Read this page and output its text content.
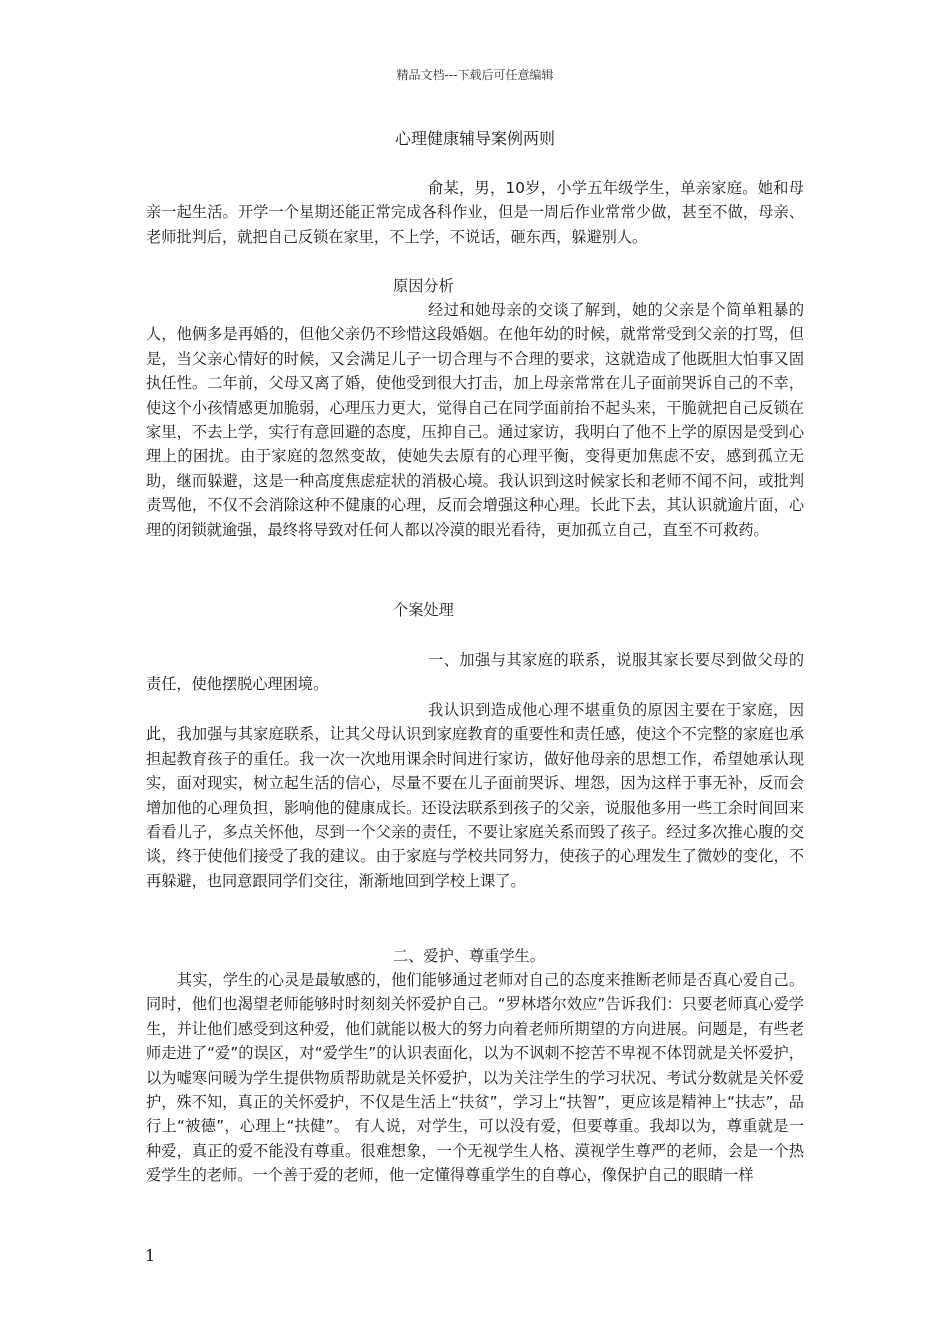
精品文档---下载后可任意编辑
心理健康辅导案例两则

俞某，男，10岁，小学五年级学生，单亲家庭。她和母亲一起生活。开学一个星期还能正常完成各科作业，但是一周后作业常常少做，甚至不做，母亲、老师批判后，就把自己反锁在家里，不上学，不说话，砸东西，躲避别人。

原因分析

经过和她母亲的交谈了解到，她的父亲是个简单粗暴的人，他俩多是再婚的，但他父亲仍不珍惜这段婚姻。在他年幼的时候，就常常受到父亲的打骂，但是，当父亲心情好的时候，又会满足儿子一切合理与不合理的要求，这就造成了他既胆大怕事又固执任性。二年前，父母又离了婚，使他受到很大打击，加上母亲常常在儿子面前哭诉自己的不幸，使这个小孩情感更加脆弱，心理压力更大，觉得自己在同学面前抬不起头来，干脆就把自己反锁在家里，不去上学，实行有意回避的态度，压抑自己。通过家访，我明白了他不上学的原因是受到心理上的困扰。由于家庭的忽然变故，使她失去原有的心理平衡，变得更加焦虑不安，感到孤立无助，继而躲避，这是一种高度焦虑症状的消极心境。我认识到这时候家长和老师不闻不问，或批判责骂他，不仅不会消除这种不健康的心理，反而会增强这种心理。长此下去，其认识就逾片面，心理的闭锁就逾强，最终将导致对任何人都以冷漠的眼光看待，更加孤立自己，直至不可救药。

个案处理

一、加强与其家庭的联系，说服其家长要尽到做父母的责任，使他摆脱心理困境。

我认识到造成他心理不堪重负的原因主要在于家庭，因此，我加强与其家庭联系，让其父母认识到家庭教育的重要性和责任感，使这个不完整的家庭也承担起教育孩子的重任。我一次一次地用课余时间进行家访，做好他母亲的思想工作，希望她承认现实，面对现实，树立起生活的信心，尽量不要在儿子面前哭诉、埋怨，因为这样于事无补，反而会增加他的心理负担，影响他的健康成长。还设法联系到孩子的父亲，说服他多用一些工余时间回来看看儿子，多点关怀他，尽到一个父亲的责任，不要让家庭关系而毁了孩子。经过多次推心腹的交谈，终于使他们接受了我的建议。由于家庭与学校共同努力，使孩子的心理发生了微妙的变化，不再躲避，也同意跟同学们交往，渐渐地回到学校上课了。

二、爱护、尊重学生。

其实，学生的心灵是最敏感的，他们能够通过老师对自己的态度来推断老师是否真心爱自己。同时，他们也渴望老师能够时时刻刻关怀爱护自己。“罗林塔尔效应”告诉我们：只要老师真心爱学生，并让他们感受到这种爱，他们就能以极大的努力向着老师所期望的方向进展。问题是，有些老师走进了“爱”的误区，对“爱学生”的认识表面化，以为不讽刺不挖苦不卑视不体罚就是关怀爱护，以为嘘寒问暖为学生提供物质帮助就是关怀爱护，以为关注学生的学习状况、考试分数就是关怀爱护，殊不知，真正的关怀爱护，不仅是生活上“扶贫”，学习上“扶智”，更应该是精神上“扶志”，品行上“被德”，心理上“扶健”。 有人说，对学生，可以没有爱，但要尊重。我却以为，尊重就是一种爱，真正的爱不能没有尊重。很难想象，一个无视学生人格、漠视学生尊严的老师，会是一个热爱学生的老师。一个善于爱的老师，他一定懂得尊重学生的自尊心，像保护自己的眼睛一样

1
